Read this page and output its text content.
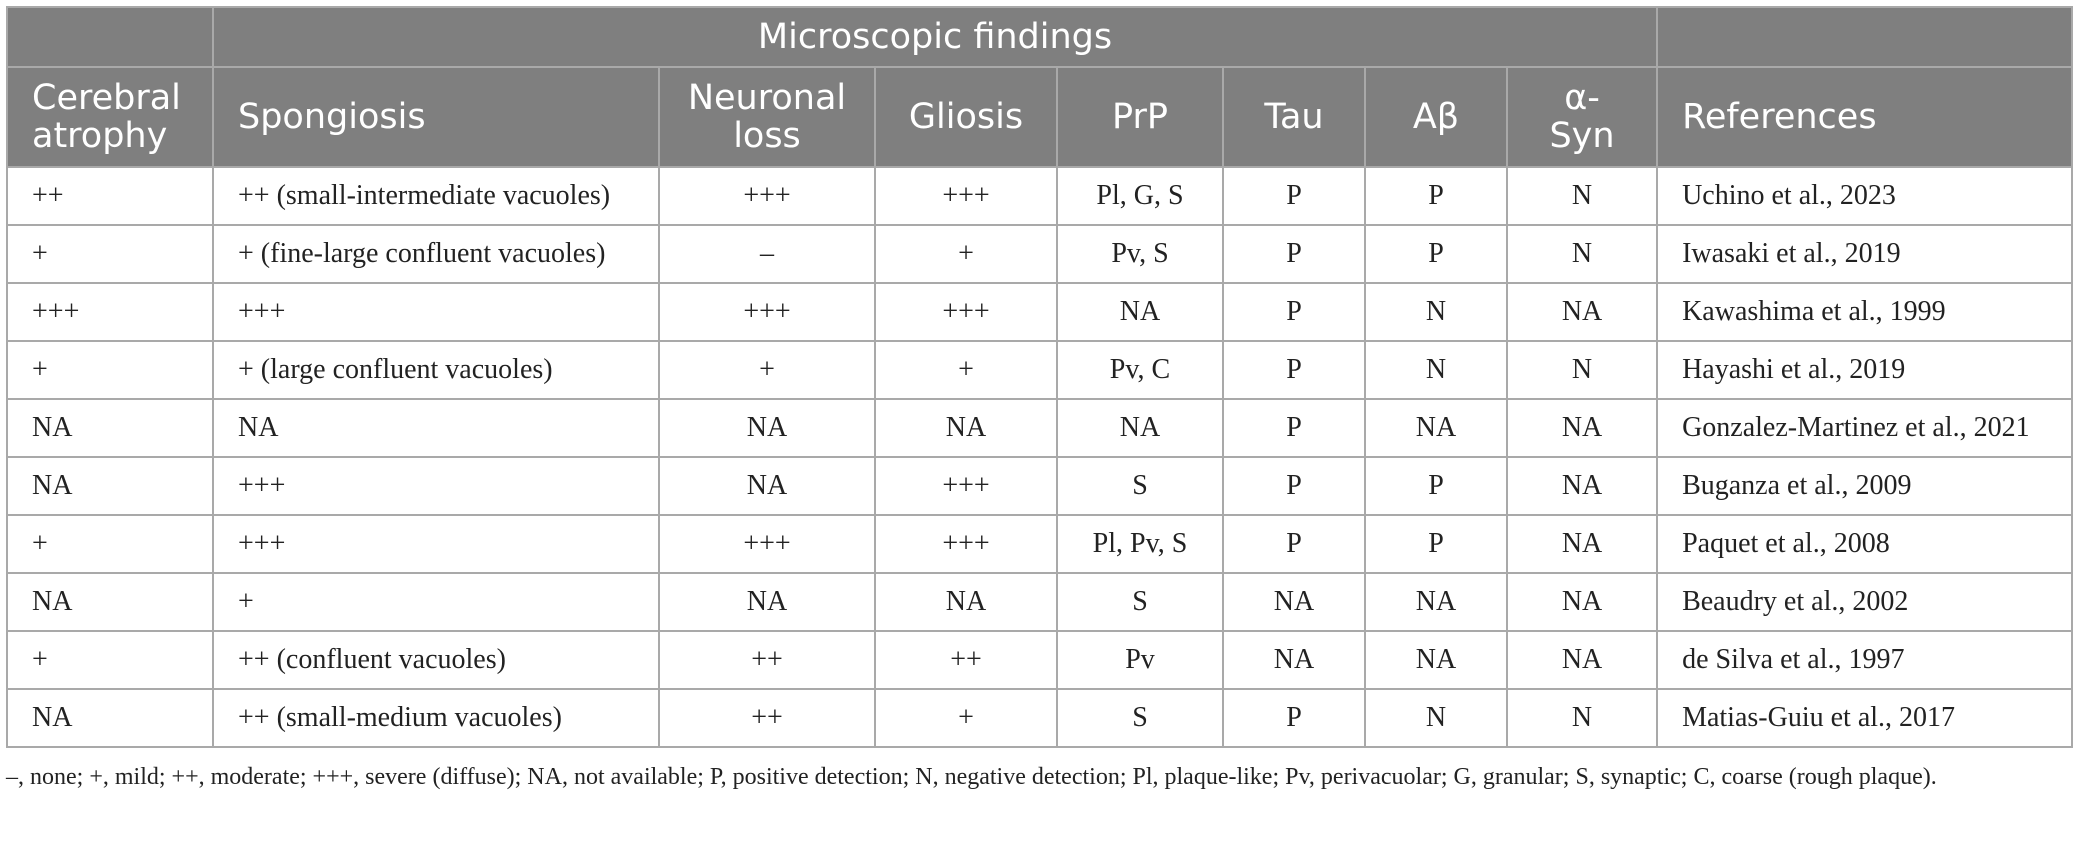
	Microscopic findings							
Cerebral atrophy	Spongiosis	Neuronal loss	Gliosis	PrP	Tau	Aβ	α-Syn	References
++	++ (small-intermediate vacuoles)	+++	+++	Pl, G, S	P	P	N	Uchino et al., 2023
+	+ (fine-large confluent vacuoles)	–	+	Pv, S	P	P	N	Iwasaki et al., 2019
+++	+++	+++	+++	NA	P	N	NA	Kawashima et al., 1999
+	+ (large confluent vacuoles)	+	+	Pv, C	P	N	N	Hayashi et al., 2019
NA	NA	NA	NA	NA	P	NA	NA	Gonzalez-Martinez et al., 2021
NA	+++	NA	+++	S	P	P	NA	Buganza et al., 2009
+	+++	+++	+++	Pl, Pv, S	P	P	NA	Paquet et al., 2008
NA	+	NA	NA	S	NA	NA	NA	Beaudry et al., 2002
+	++ (confluent vacuoles)	++	++	Pv	NA	NA	NA	de Silva et al., 1997
NA	++ (small-medium vacuoles)	++	+	S	P	N	N	Matias-Guiu et al., 2017
–, none; +, mild; ++, moderate; +++, severe (diffuse); NA, not available; P, positive detection; N, negative detection; Pl, plaque-like; Pv, perivacuolar; G, granular; S, synaptic; C, coarse (rough plaque).
